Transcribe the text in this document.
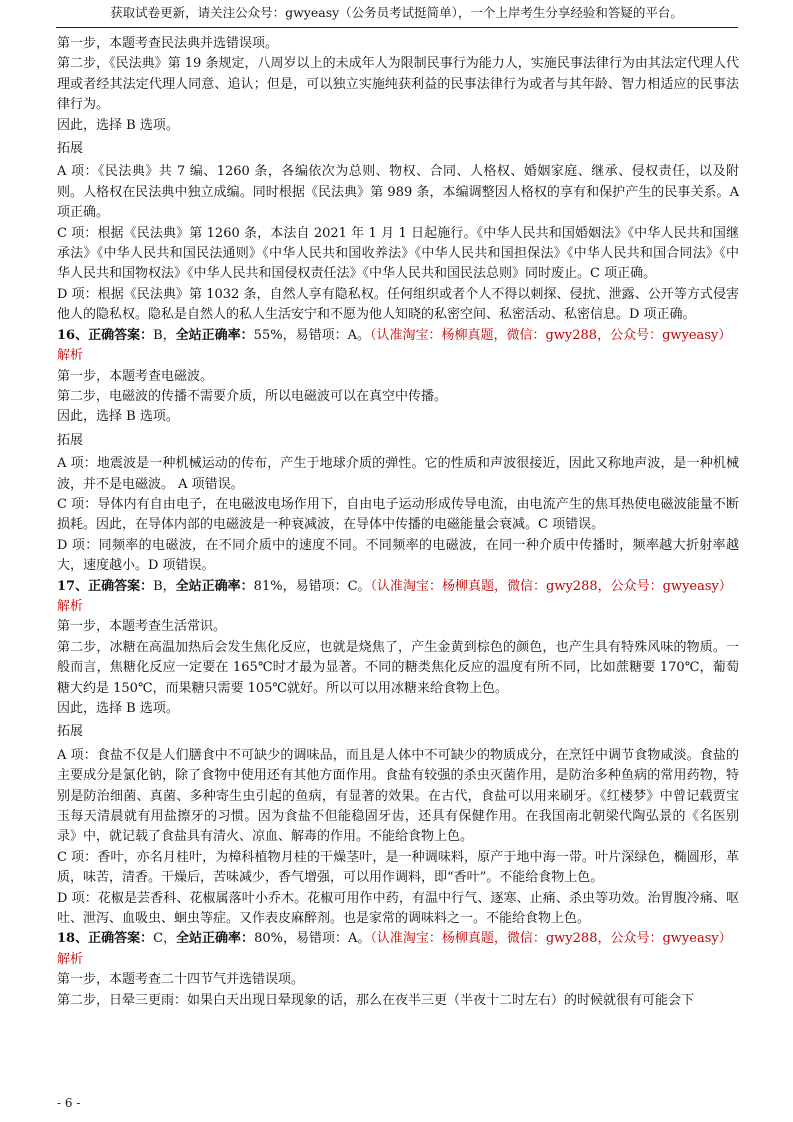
获取试卷更新，请关注公众号：gwyeasy（公务员考试挺简单），一个上岸考生分享经验和答疑的平台。

第一步，本题考查民法典并选错误项。

第二步，《民法典》第 19 条规定，八周岁以上的未成年人为限制民事行为能力人，实施民事法律行为由其法定代理人代理或者经其法定代理人同意、追认；但是，可以独立实施纯获利益的民事法律行为或者与其年龄、智力相适应的民事法律行为。

因此，选择 B 选项。

拓展

A 项：《民法典》共 7 编、1260 条，各编依次为总则、物权、合同、人格权、婚姻家庭、继承、侵权责任，以及附则。人格权在民法典中独立成编。同时根据《民法典》第 989 条，本编调整因人格权的享有和保护产生的民事关系。A 项正确。

C 项：根据《民法典》第 1260 条，本法自 2021 年 1 月 1 日起施行。《中华人民共和国婚姻法》《中华人民共和国继承法》《中华人民共和国民法通则》《中华人民共和国收养法》《中华人民共和国担保法》《中华人民共和国合同法》《中华人民共和国物权法》《中华人民共和国侵权责任法》《中华人民共和国民法总则》同时废止。C 项正确。

D 项：根据《民法典》第 1032 条，自然人享有隐私权。任何组织或者个人不得以刺探、侵扰、泄露、公开等方式侵害他人的隐私权。隐私是自然人的私人生活安宁和不愿为他人知晓的私密空间、私密活动、私密信息。D 项正确。

16、正确答案：B，全站正确率：55%，易错项：A。（认准淘宝：杨柳真题，微信：gwy288，公众号：gwyeasy）

解析

第一步，本题考查电磁波。

第二步，电磁波的传播不需要介质，所以电磁波可以在真空中传播。

因此，选择 B 选项。

拓展

A 项：地震波是一种机械运动的传布，产生于地球介质的弹性。它的性质和声波很接近，因此又称地声波，是一种机械波，并不是电磁波。 A 项错误。

C 项：导体内有自由电子，在电磁波电场作用下，自由电子运动形成传导电流，由电流产生的焦耳热使电磁波能量不断损耗。因此，在导体内部的电磁波是一种衰减波，在导体中传播的电磁能量会衰减。C 项错误。

D 项：同频率的电磁波，在不同介质中的速度不同。不同频率的电磁波，在同一种介质中传播时，频率越大折射率越大，速度越小。D 项错误。

17、正确答案：B，全站正确率：81%，易错项：C。（认准淘宝：杨柳真题，微信：gwy288，公众号：gwyeasy）

解析

第一步，本题考查生活常识。

第二步，冰糖在高温加热后会发生焦化反应，也就是烧焦了，产生金黄到棕色的颜色，也产生具有特殊风味的物质。一般而言，焦糖化反应一定要在 165℃时才最为显著。不同的糖类焦化反应的温度有所不同，比如蔗糖要 170℃，葡萄糖大约是 150℃，而果糖只需要 105℃就好。所以可以用冰糖来给食物上色。

因此，选择 B 选项。

拓展

A 项：食盐不仅是人们膳食中不可缺少的调味品，而且是人体中不可缺少的物质成分，在烹饪中调节食物咸淡。食盐的主要成分是氯化钠，除了食物中使用还有其他方面作用。食盐有较强的杀虫灭菌作用，是防治多种鱼病的常用药物，特别是防治细菌、真菌、多种寄生虫引起的鱼病，有显著的效果。在古代，食盐可以用来刷牙。《红楼梦》中曾记载贾宝玉每天清晨就有用盐擦牙的习惯。因为食盐不但能稳固牙齿，还具有保健作用。在我国南北朝梁代陶弘景的《名医别录》中，就记载了食盐具有清火、凉血、解毒的作用。不能给食物上色。

C 项：香叶，亦名月桂叶，为樟科植物月桂的干燥茎叶，是一种调味料，原产于地中海一带。叶片深绿色，椭圆形，革质，味苦，清香。干燥后，苦味减少，香气增强，可以用作调料，即“香叶”。不能给食物上色。

D 项：花椒是芸香科、花椒属落叶小乔木。花椒可用作中药，有温中行气、逐寒、止痛、杀虫等功效。治胃腹冷痛、呕吐、泄泻、血吸虫、蛔虫等症。又作表皮麻醉剂。也是家常的调味料之一。不能给食物上色。

18、正确答案：C，全站正确率：80%，易错项：A。（认准淘宝：杨柳真题，微信：gwy288，公众号：gwyeasy）

解析

第一步，本题考查二十四节气并选错误项。

第二步，日晕三更雨：如果白天出现日晕现象的话，那么在夜半三更（半夜十二时左右）的时候就很有可能会下

- 6 -
